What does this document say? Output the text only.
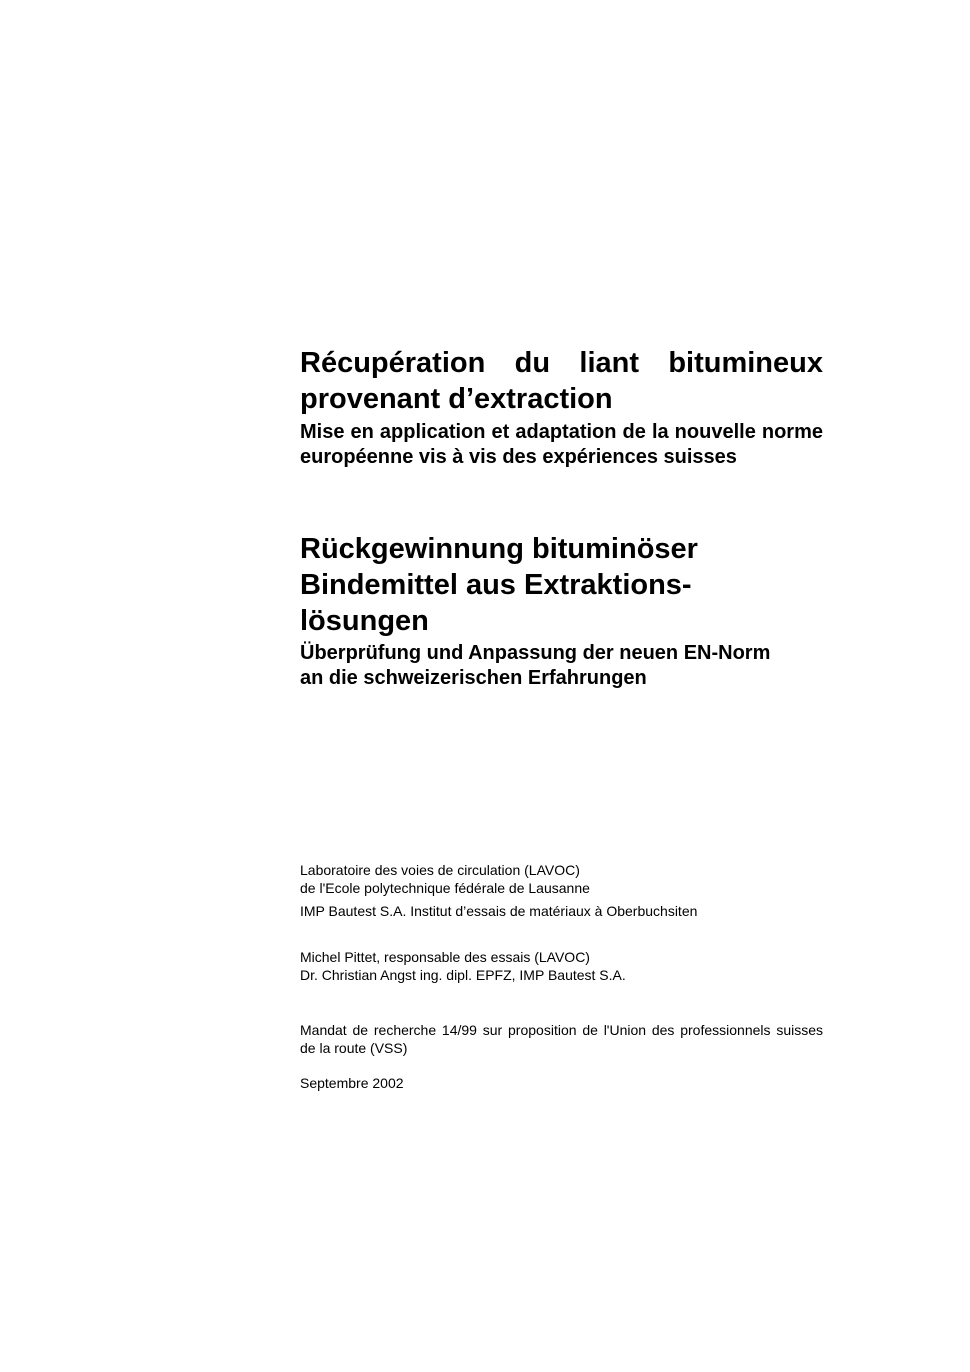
Récupération du liant bitumineux provenant d’extraction
Mise en application et adaptation de la nouvelle norme européenne vis à vis des expériences suisses
Rückgewinnung bituminöser
Bindemittel aus Extraktions-
lösungen
Überprüfung und Anpassung der neuen EN-Norm
an die schweizerischen Erfahrungen
Laboratoire des voies de circulation (LAVOC)
de l'Ecole polytechnique fédérale de Lausanne
IMP Bautest S.A. Institut d’essais de matériaux à Oberbuchsiten
Michel Pittet, responsable des essais (LAVOC)
Dr. Christian Angst ing. dipl. EPFZ, IMP Bautest S.A.
Mandat de recherche 14/99 sur proposition de l'Union des professionnels suisses de la route (VSS)
Septembre 2002
